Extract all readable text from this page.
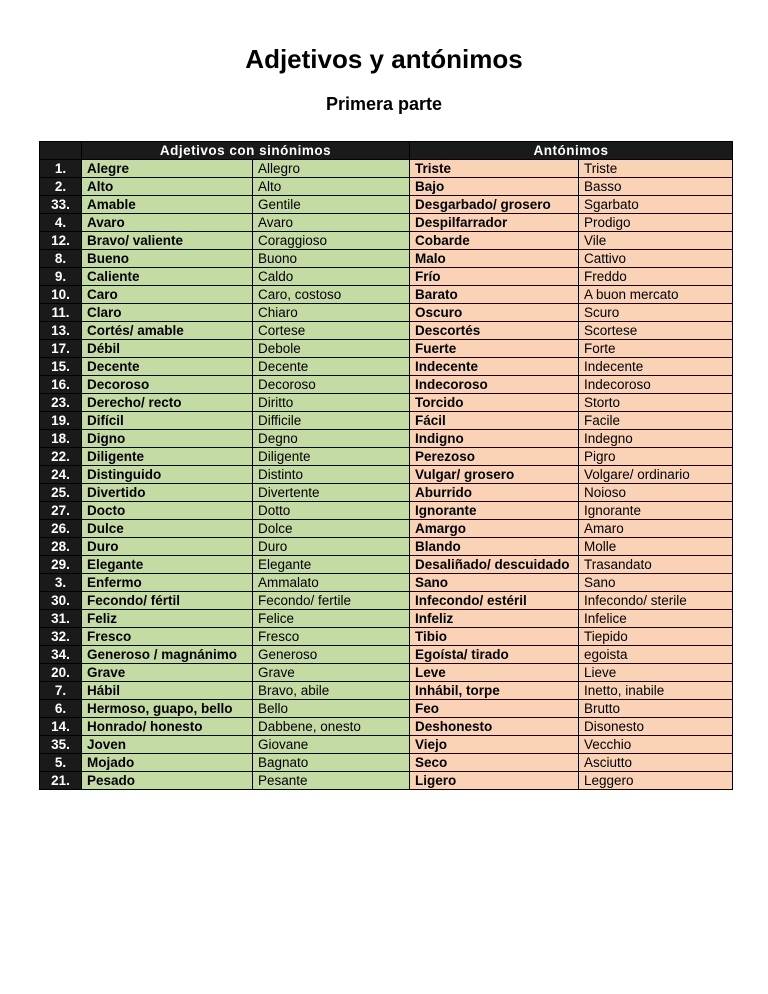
Adjetivos y antónimos
Primera parte
	Adjetivos con sinónimos		Antónimos	
1.	Alegre	Allegro	Triste	Triste
2.	Alto	Alto	Bajo	Basso
33.	Amable	Gentile	Desgarbado/ grosero	Sgarbato
4.	Avaro	Avaro	Despilfarrador	Prodigo
12.	Bravo/ valiente	Coraggioso	Cobarde	Vile
8.	Bueno	Buono	Malo	Cattivo
9.	Caliente	Caldo	Frío	Freddo
10.	Caro	Caro, costoso	Barato	A buon mercato
11.	Claro	Chiaro	Oscuro	Scuro
13.	Cortés/ amable	Cortese	Descortés	Scortese
17.	Débil	Debole	Fuerte	Forte
15.	Decente	Decente	Indecente	Indecente
16.	Decoroso	Decoroso	Indecoroso	Indecoroso
23.	Derecho/ recto	Diritto	Torcido	Storto
19.	Difícil	Difficile	Fácil	Facile
18.	Digno	Degno	Indigno	Indegno
22.	Diligente	Diligente	Perezoso	Pigro
24.	Distinguido	Distinto	Vulgar/ grosero	Volgare/ ordinario
25.	Divertido	Divertente	Aburrido	Noioso
27.	Docto	Dotto	Ignorante	Ignorante
26.	Dulce	Dolce	Amargo	Amaro
28.	Duro	Duro	Blando	Molle
29.	Elegante	Elegante	Desaliñado/ descuidado	Trasandato
3.	Enfermo	Ammalato	Sano	Sano
30.	Fecondo/ fértil	Fecondo/ fertile	Infecondo/ estéril	Infecondo/ sterile
31.	Feliz	Felice	Infeliz	Infelice
32.	Fresco	Fresco	Tibio	Tiepido
34.	Generoso / magnánimo	Generoso	Egoísta/ tirado	egoista
20.	Grave	Grave	Leve	Lieve
7.	Hábil	Bravo, abile	Inhábil, torpe	Inetto, inabile
6.	Hermoso, guapo, bello	Bello	Feo	Brutto
14.	Honrado/ honesto	Dabbene, onesto	Deshonesto	Disonesto
35.	Joven	Giovane	Viejo	Vecchio
5.	Mojado	Bagnato	Seco	Asciutto
21.	Pesado	Pesante	Ligero	Leggero
